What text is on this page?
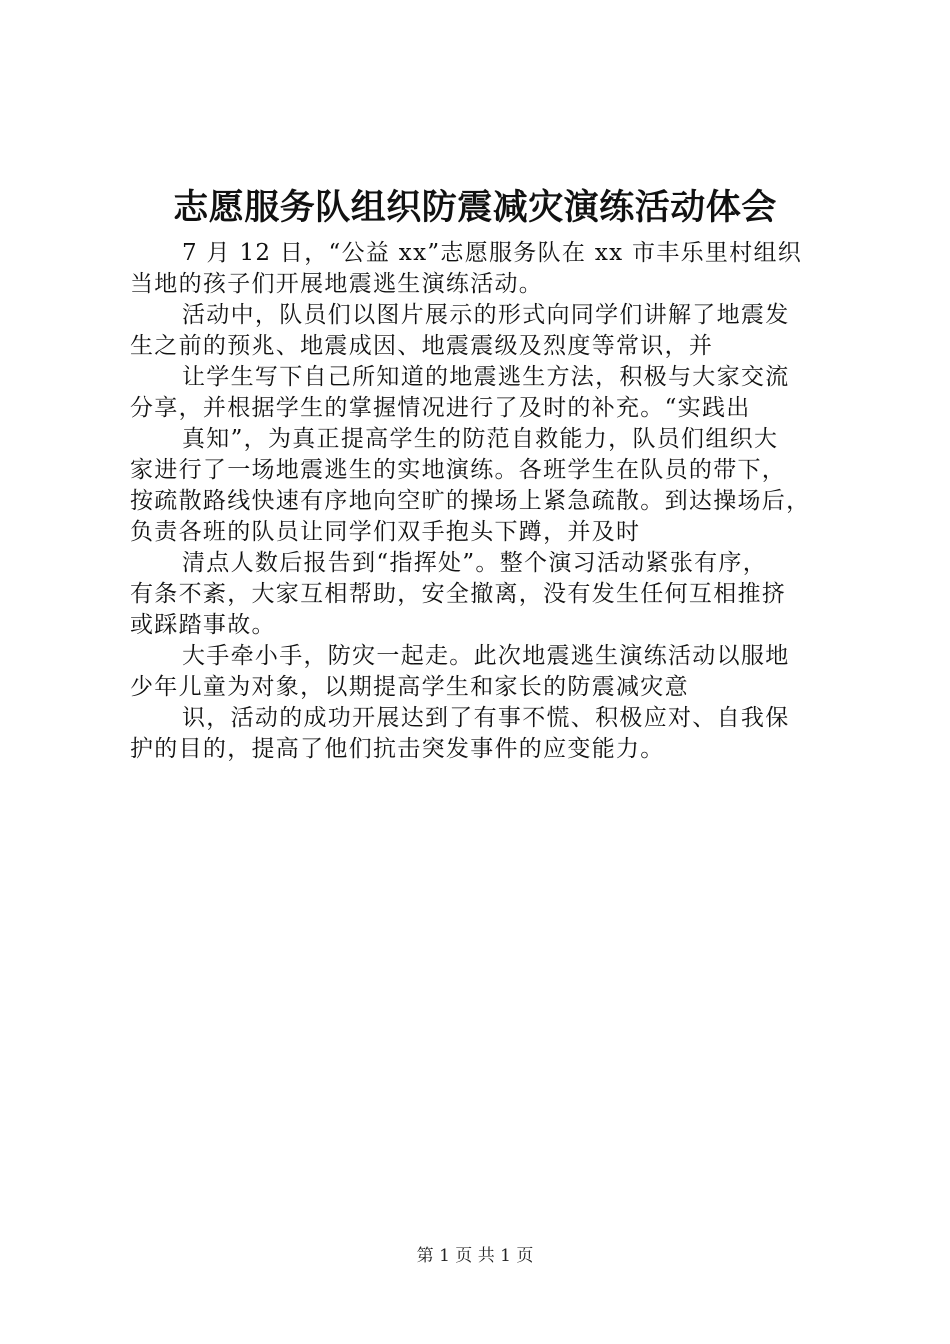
志愿服务队组织防震减灾演练活动体会
7 月 12 日，“公益 xx”志愿服务队在 xx 市丰乐里村组织
当地的孩子们开展地震逃生演练活动。
活动中，队员们以图片展示的形式向同学们讲解了地震发
生之前的预兆、地震成因、地震震级及烈度等常识，并
让学生写下自己所知道的地震逃生方法，积极与大家交流
分享，并根据学生的掌握情况进行了及时的补充。“实践出
真知”，为真正提高学生的防范自救能力，队员们组织大
家进行了一场地震逃生的实地演练。各班学生在队员的带下，
按疏散路线快速有序地向空旷的操场上紧急疏散。到达操场后，
负责各班的队员让同学们双手抱头下蹲，并及时
清点人数后报告到“指挥处”。整个演习活动紧张有序，
有条不紊，大家互相帮助，安全撤离，没有发生任何互相推挤
或踩踏事故。
大手牵小手，防灾一起走。此次地震逃生演练活动以服地
少年儿童为对象，以期提高学生和家长的防震减灾意
识，活动的成功开展达到了有事不慌、积极应对、自我保
护的目的，提高了他们抗击突发事件的应变能力。
第 1 页 共 1 页
